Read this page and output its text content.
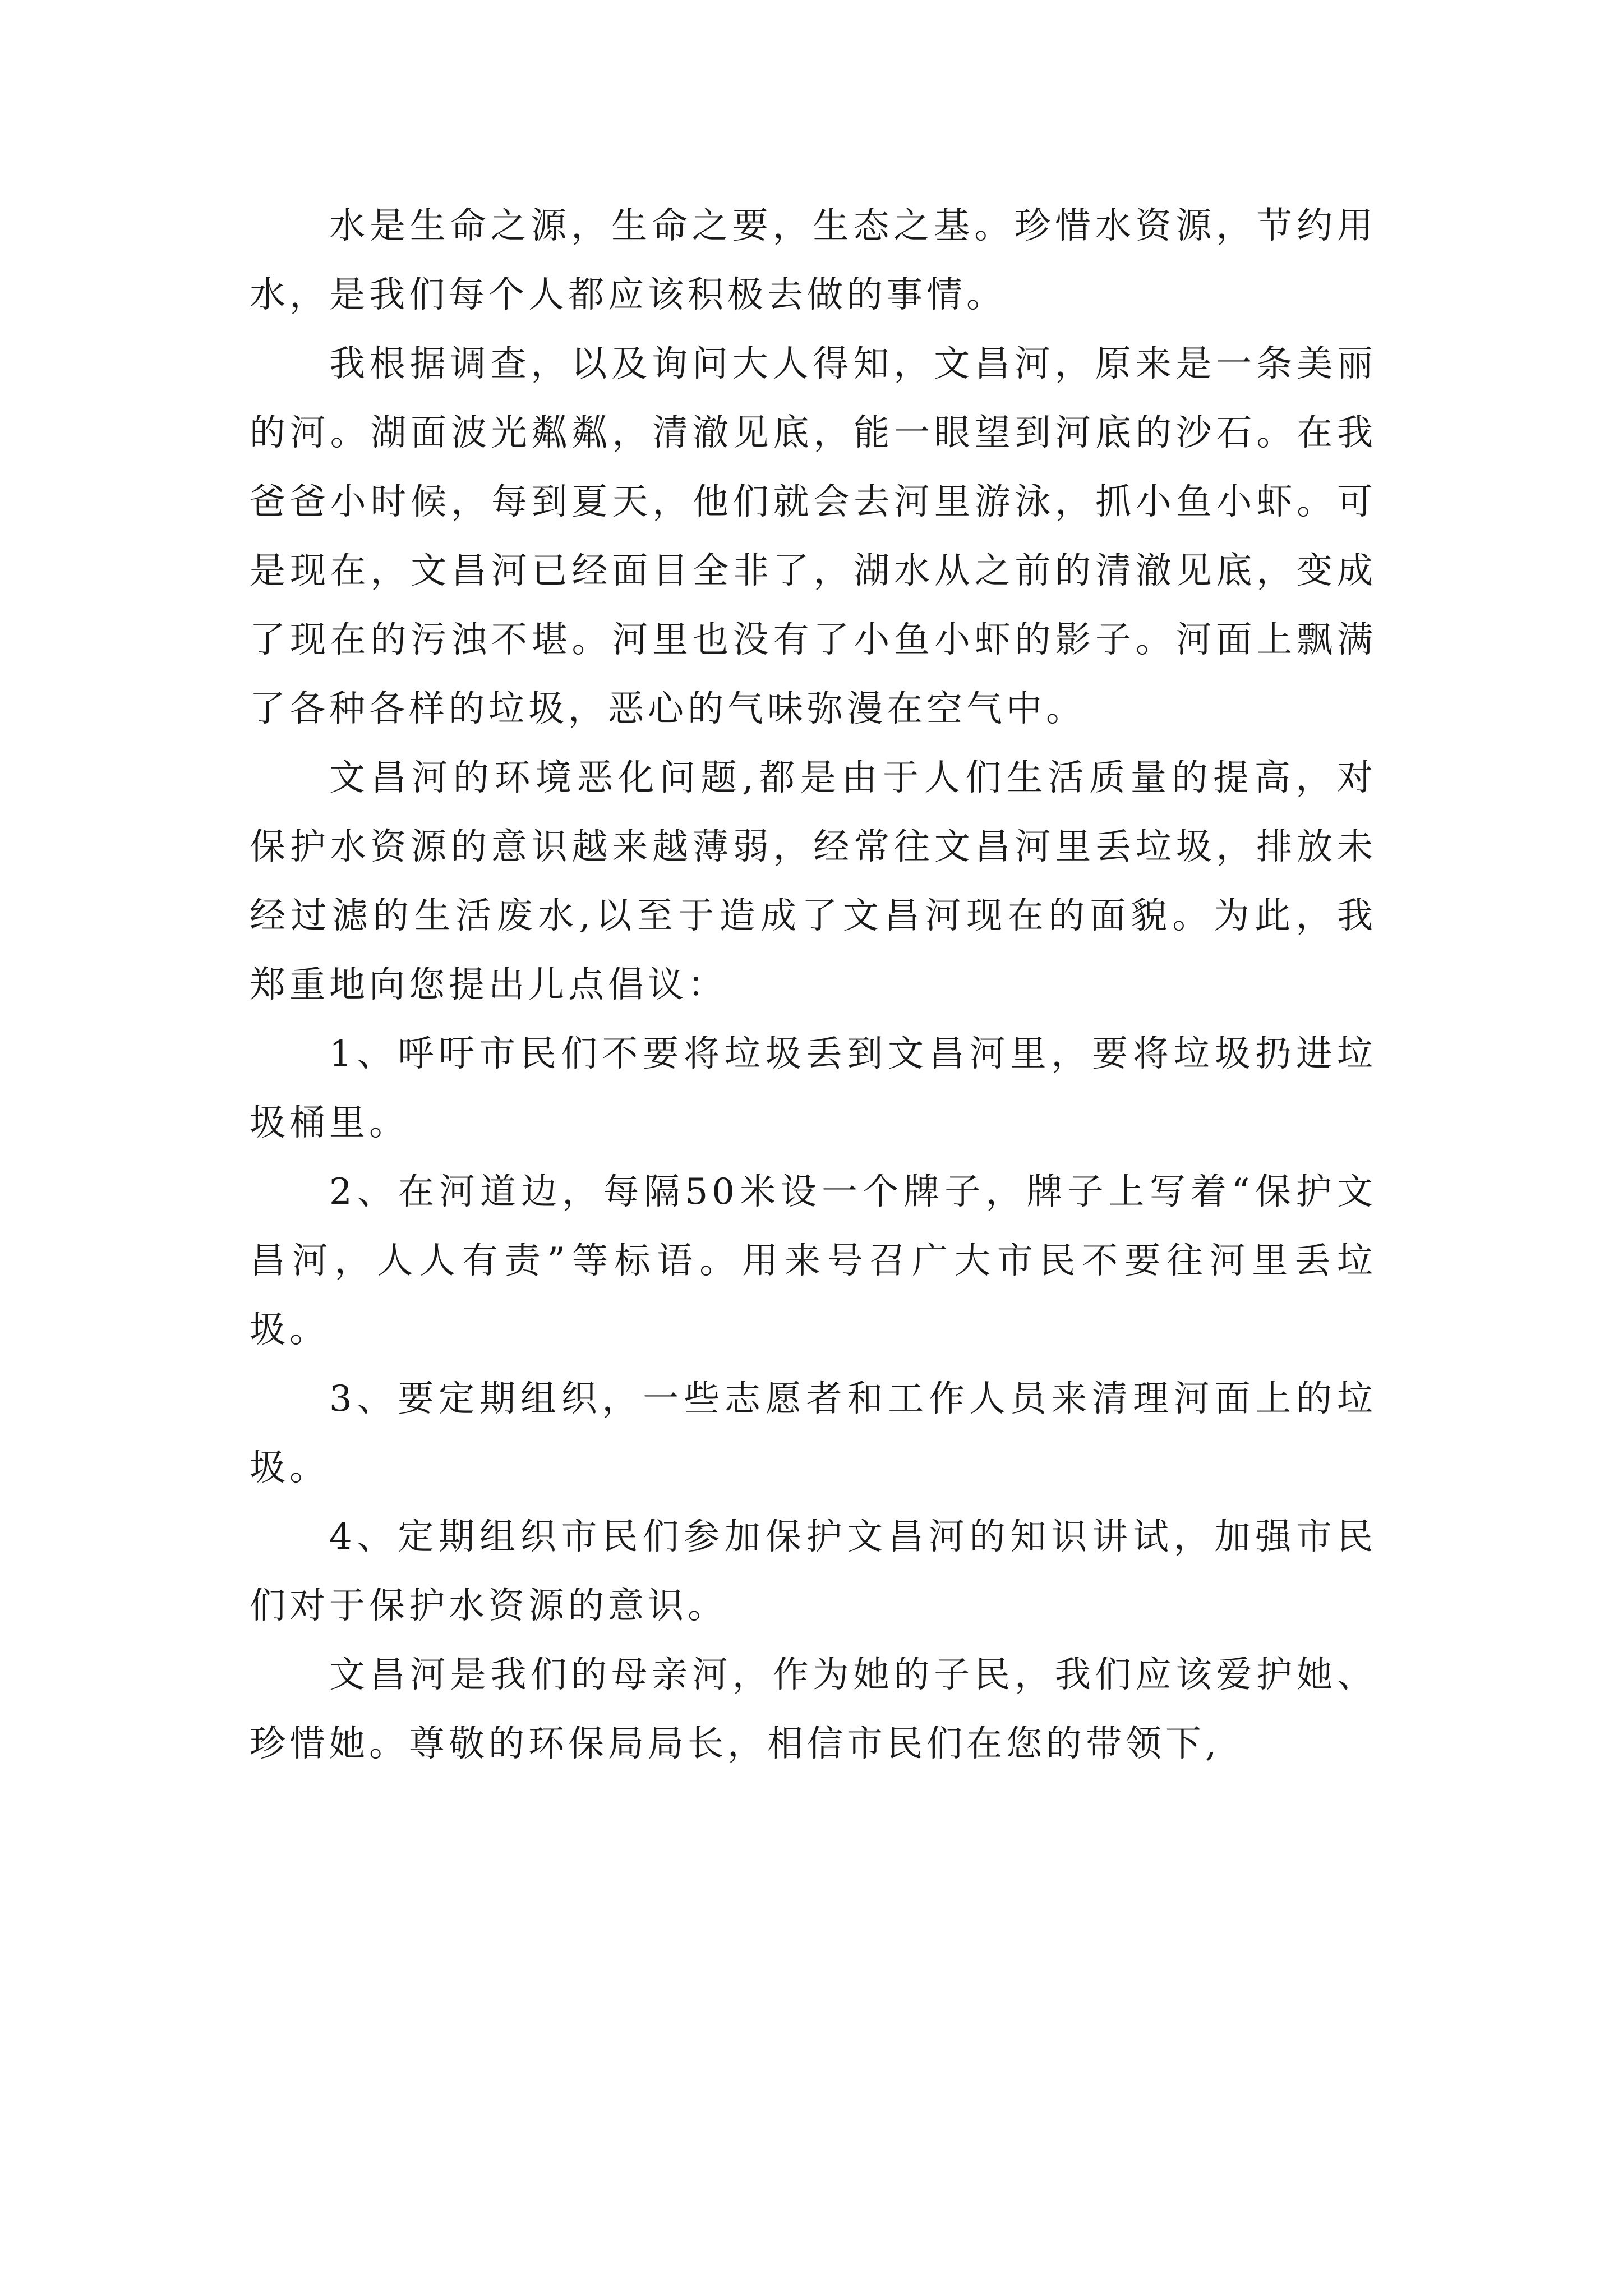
水是生命之源，生命之要，生态之基。珍惜水资源，节约用水，是我们每个人都应该积极去做的事情。

我根据调查，以及询问大人得知，文昌河，原来是一条美丽的河。湖面波光粼粼，清澈见底，能一眼望到河底的沙石。在我爸爸小时候，每到夏天，他们就会去河里游泳，抓小鱼小虾。可是现在，文昌河已经面目全非了，湖水从之前的清澈见底，变成了现在的污浊不堪。河里也没有了小鱼小虾的影子。河面上飘满了各种各样的垃圾，恶心的气味弥漫在空气中。

文昌河的环境恶化问题,都是由于人们生活质量的提高，对保护水资源的意识越来越薄弱，经常往文昌河里丢垃圾，排放未经过滤的生活废水,以至于造成了文昌河现在的面貌。为此，我郑重地向您提出儿点倡议：

1、呼吁市民们不要将垃圾丢到文昌河里，要将垃圾扔进垃圾桶里。

2、在河道边，每隔50米设一个牌子，牌子上写着“保护文昌河，人人有责”等标语。用来号召广大市民不要往河里丢垃圾。

3、要定期组织，一些志愿者和工作人员来清理河面上的垃圾。

4、定期组织市民们参加保护文昌河的知识讲试，加强市民们对于保护水资源的意识。

文昌河是我们的母亲河，作为她的子民，我们应该爱护她、珍惜她。尊敬的环保局局长，相信市民们在您的带领下,
